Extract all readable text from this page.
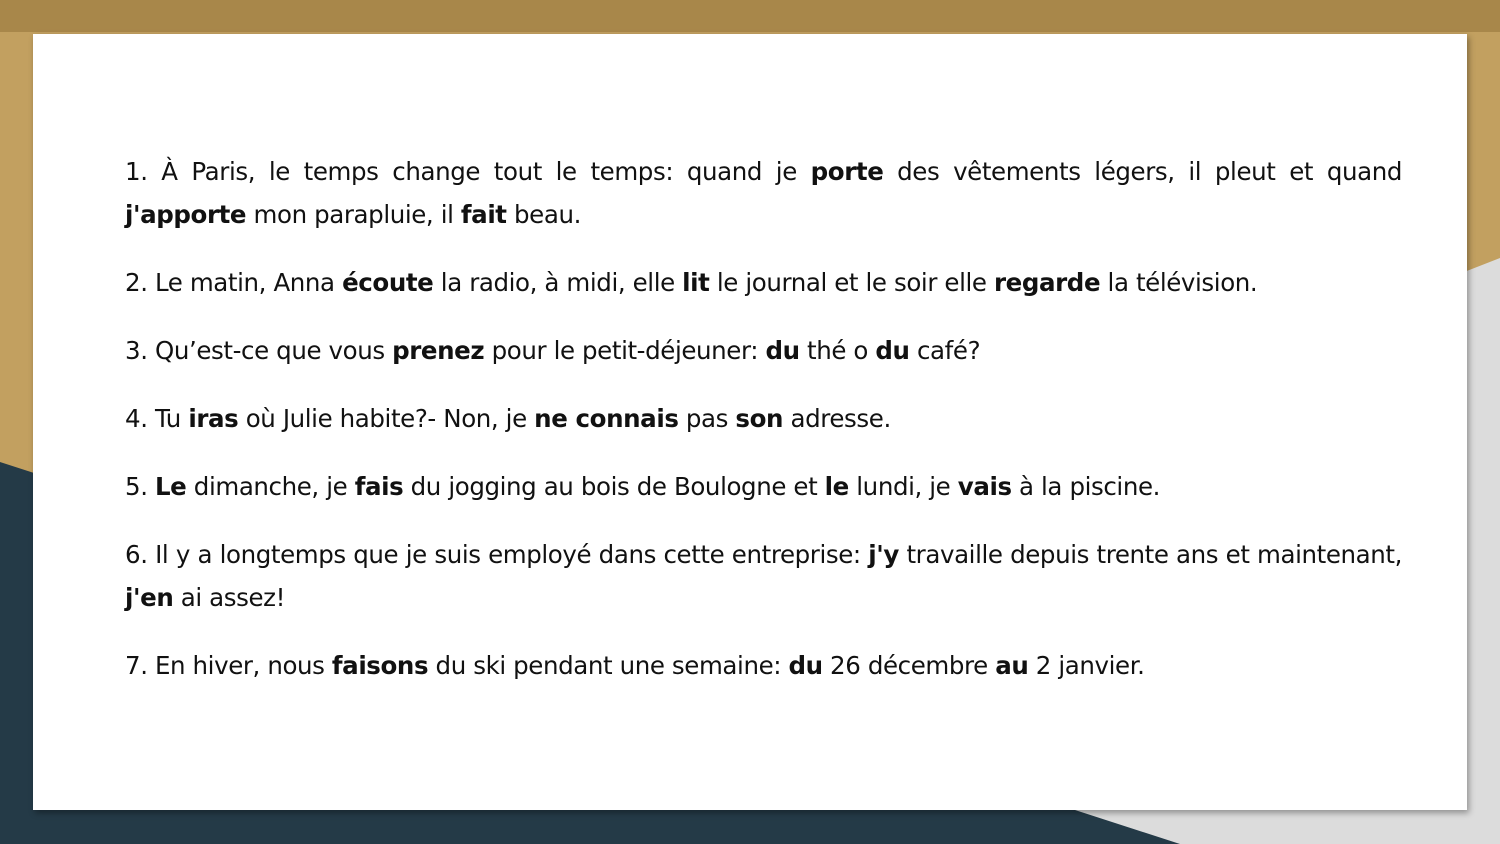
1. À Paris, le temps change tout le temps: quand je porte des vêtements légers, il pleut et quand j'apporte mon parapluie, il fait beau.

2. Le matin, Anna écoute la radio, à midi, elle lit le journal et le soir elle regarde la télévision.

3. Qu’est-ce que vous prenez pour le petit-déjeuner: du thé o du café?

4. Tu iras où Julie habite?- Non, je ne connais pas son adresse.

5. Le dimanche, je fais du jogging au bois de Boulogne et le lundi, je vais à la piscine.

6. Il y a longtemps que je suis employé dans cette entreprise: j'y travaille depuis trente ans et maintenant, j'en ai assez!

7. En hiver, nous faisons du ski pendant une semaine: du 26 décembre au 2 janvier.
